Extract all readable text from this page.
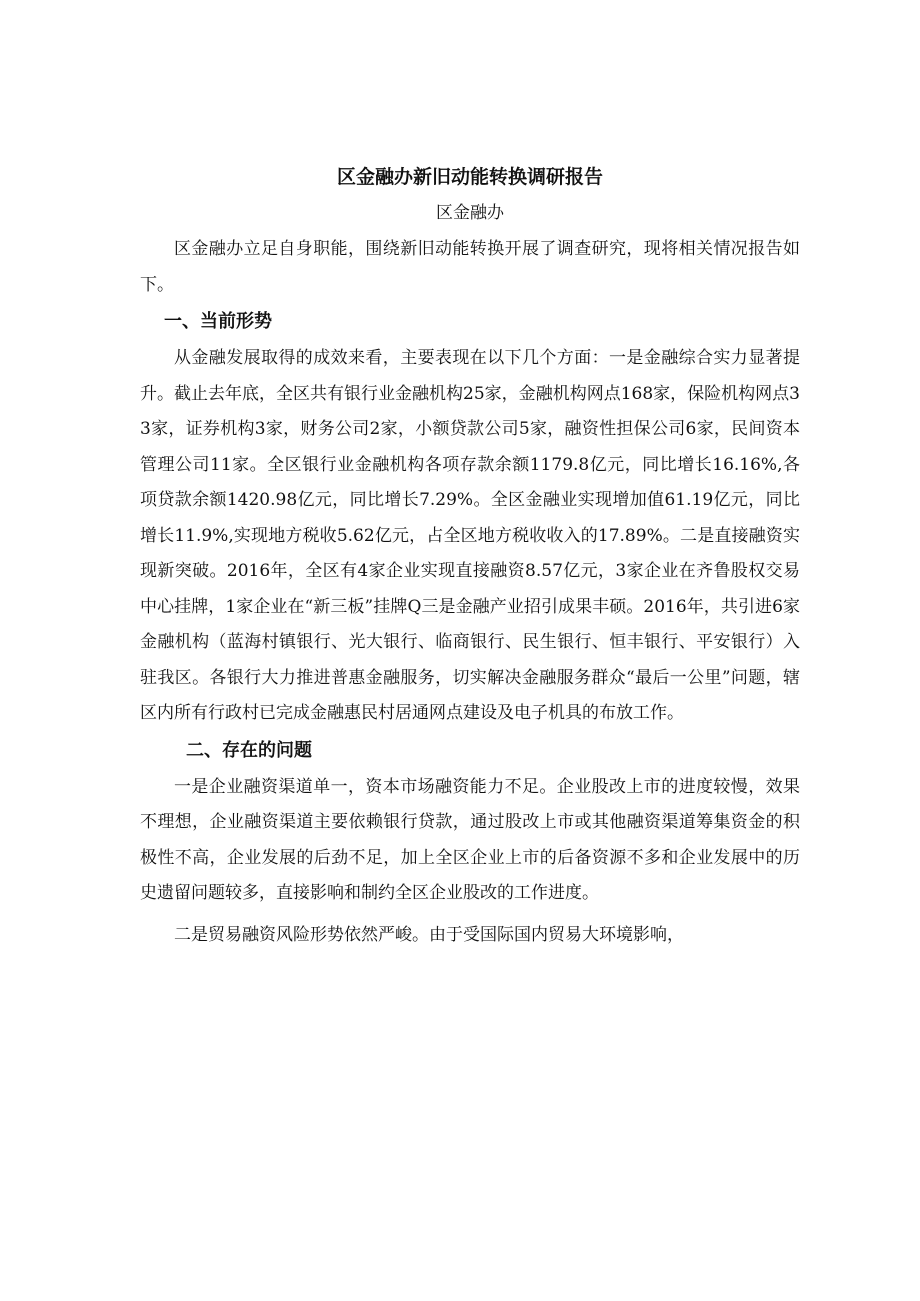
区金融办新旧动能转换调研报告

区金融办

区金融办立足自身职能，围绕新旧动能转换开展了调查研究，现将相关情况报告如下。

一、当前形势

从金融发展取得的成效来看，主要表现在以下几个方面：一是金融综合实力显著提升。截止去年底，全区共有银行业金融机构25家，金融机构网点168家，保险机构网点33家，证券机构3家，财务公司2家，小额贷款公司5家，融资性担保公司6家，民间资本管理公司11家。全区银行业金融机构各项存款余额1179.8亿元，同比增长16.16%,各项贷款余额1420.98亿元，同比增长7.29%。全区金融业实现增加值61.19亿元，同比增长11.9%,实现地方税收5.62亿元，占全区地方税收收入的17.89%。二是直接融资实现新突破。2016年，全区有4家企业实现直接融资8.57亿元，3家企业在齐鲁股权交易中心挂牌，1家企业在“新三板”挂牌Q三是金融产业招引成果丰硕。2016年，共引进6家金融机构（蓝海村镇银行、光大银行、临商银行、民生银行、恒丰银行、平安银行）入驻我区。各银行大力推进普惠金融服务，切实解决金融服务群众“最后一公里”问题，辖区内所有行政村已完成金融惠民村居通网点建设及电子机具的布放工作。

二、存在的问题

一是企业融资渠道单一，资本市场融资能力不足。企业股改上市的进度较慢，效果不理想，企业融资渠道主要依赖银行贷款，通过股改上市或其他融资渠道筹集资金的积极性不高，企业发展的后劲不足，加上全区企业上市的后备资源不多和企业发展中的历史遗留问题较多，直接影响和制约全区企业股改的工作进度。

二是贸易融资风险形势依然严峻。由于受国际国内贸易大环境影响，
